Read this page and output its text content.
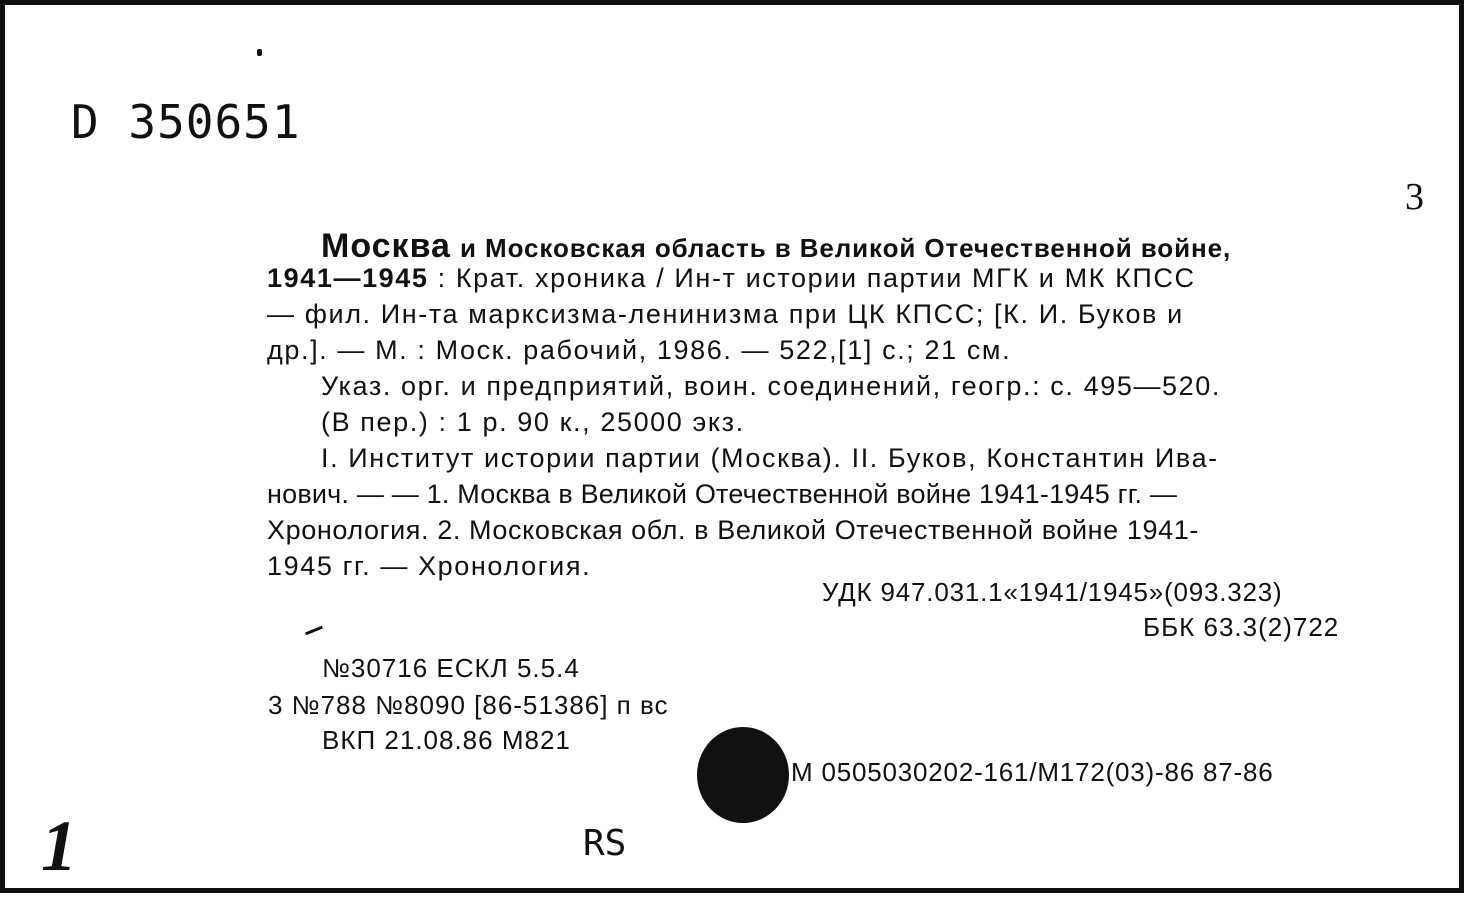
D 350651
3
Москва и Московская область в Великой Отечественной войне,
1941—1945 : Крат. хроника / Ин-т истории партии МГК и МК КПСС
— фил. Ин-та марксизма-ленинизма при ЦК КПСС; [К. И. Буков и
др.]. — М. : Моск. рабочий, 1986. — 522,[1] с.; 21 см.
Указ. орг. и предприятий, воин. соединений, геогр.: с. 495—520.
(В пер.) : 1 р. 90 к., 25000 экз.
I. Институт истории партии (Москва). II. Буков, Константин Ива-
нович. — — 1. Москва в Великой Отечественной войне 1941-1945 гг. —
Хронология. 2. Московская обл. в Великой Отечественной войне 1941-
1945 гг. — Хронология.
УДК 947.031.1«1941/1945»(093.323)
ББК 63.3(2)722
№30716 ЕСКЛ 5.5.4
3 №788 №8090 [86-51386] п вс
ВКП 21.08.86 М821
М 0505030202-161/М172(03)-86 87-86
1	RS
